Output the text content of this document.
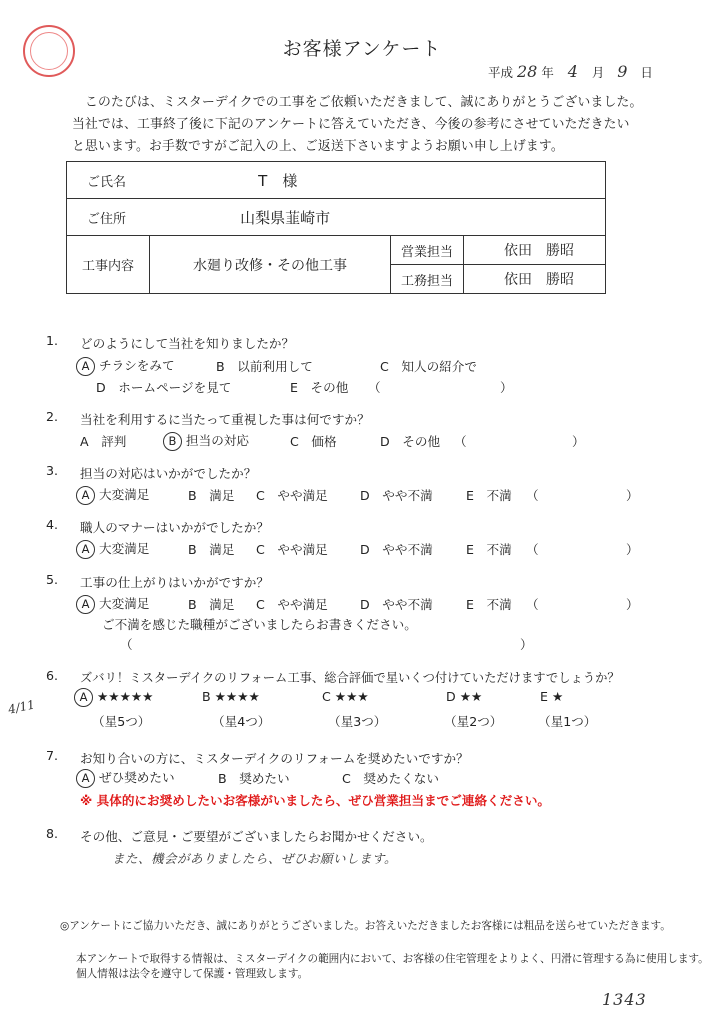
お客様アンケート
平成 28 年 4 月 9 日
このたびは、ミスターデイクでの工事をご依頼いただきまして、誠にありがとうございました。
当社では、工事終了後に下記のアンケートに答えていただき、今後の参考にさせていただきたい
と思います。お手数ですがご記入の上、ご返送下さいますようお願い申し上げます。
ご氏名 T　様			
ご住所 山梨県韮崎市			
工事内容	水廻り改修・その他工事	営業担当	依田　勝昭
		工務担当	依田　勝昭
1. どのようにして当社を知りましたか？
A チラシをみて	B　以前利用して	C　知人の紹介で
D　ホームページを見て	E　その他 （	）
2. 当社を利用するに当たって重視した事は何ですか？
A　評判	B 担当の対応	C　価格	D　その他 （	）
3. 担当の対応はいかがでしたか？
A 大変満足	B　満足 C　やや満足	D　やや不満	E　不満 （	）
4. 職人のマナーはいかがでしたか？
A 大変満足	B　満足 C　やや満足	D　やや不満	E　不満 （	）
5. 工事の仕上がりはいかがですか？
A 大変満足	B　満足 C　やや満足	D　やや不満	E　不満 （	）
ご不満を感じた職種がございましたらお書きください。
（	）
4/11
6. ズバリ！ミスターデイクのリフォーム工事、総合評価で星いくつ付けていただけますでしょうか？
A ★★★★★	B ★★★★	C ★★★	D ★★	E ★
（星5つ）	（星4つ）	（星3つ）	（星2つ）	（星1つ）
7. お知り合いの方に、ミスターデイクのリフォームを奨めたいですか？
A ぜひ奨めたい	B　奨めたい	C　奨めたくない
※ 具体的にお奨めしたいお客様がいましたら、ぜひ営業担当までご連絡ください。
8. その他、ご意見・ご要望がございましたらお聞かせください。
また、機会がありましたら、ぜひお願いします。
◎アンケートにご協力いただき、誠にありがとうございました。お答えいただきましたお客様には粗品を送らせていただきます。
本アンケートで取得する情報は、ミスターデイクの範囲内において、お客様の住宅管理をよりよく、円滑に管理する為に使用します。
個人情報は法令を遵守して保護・管理致します。
1343
